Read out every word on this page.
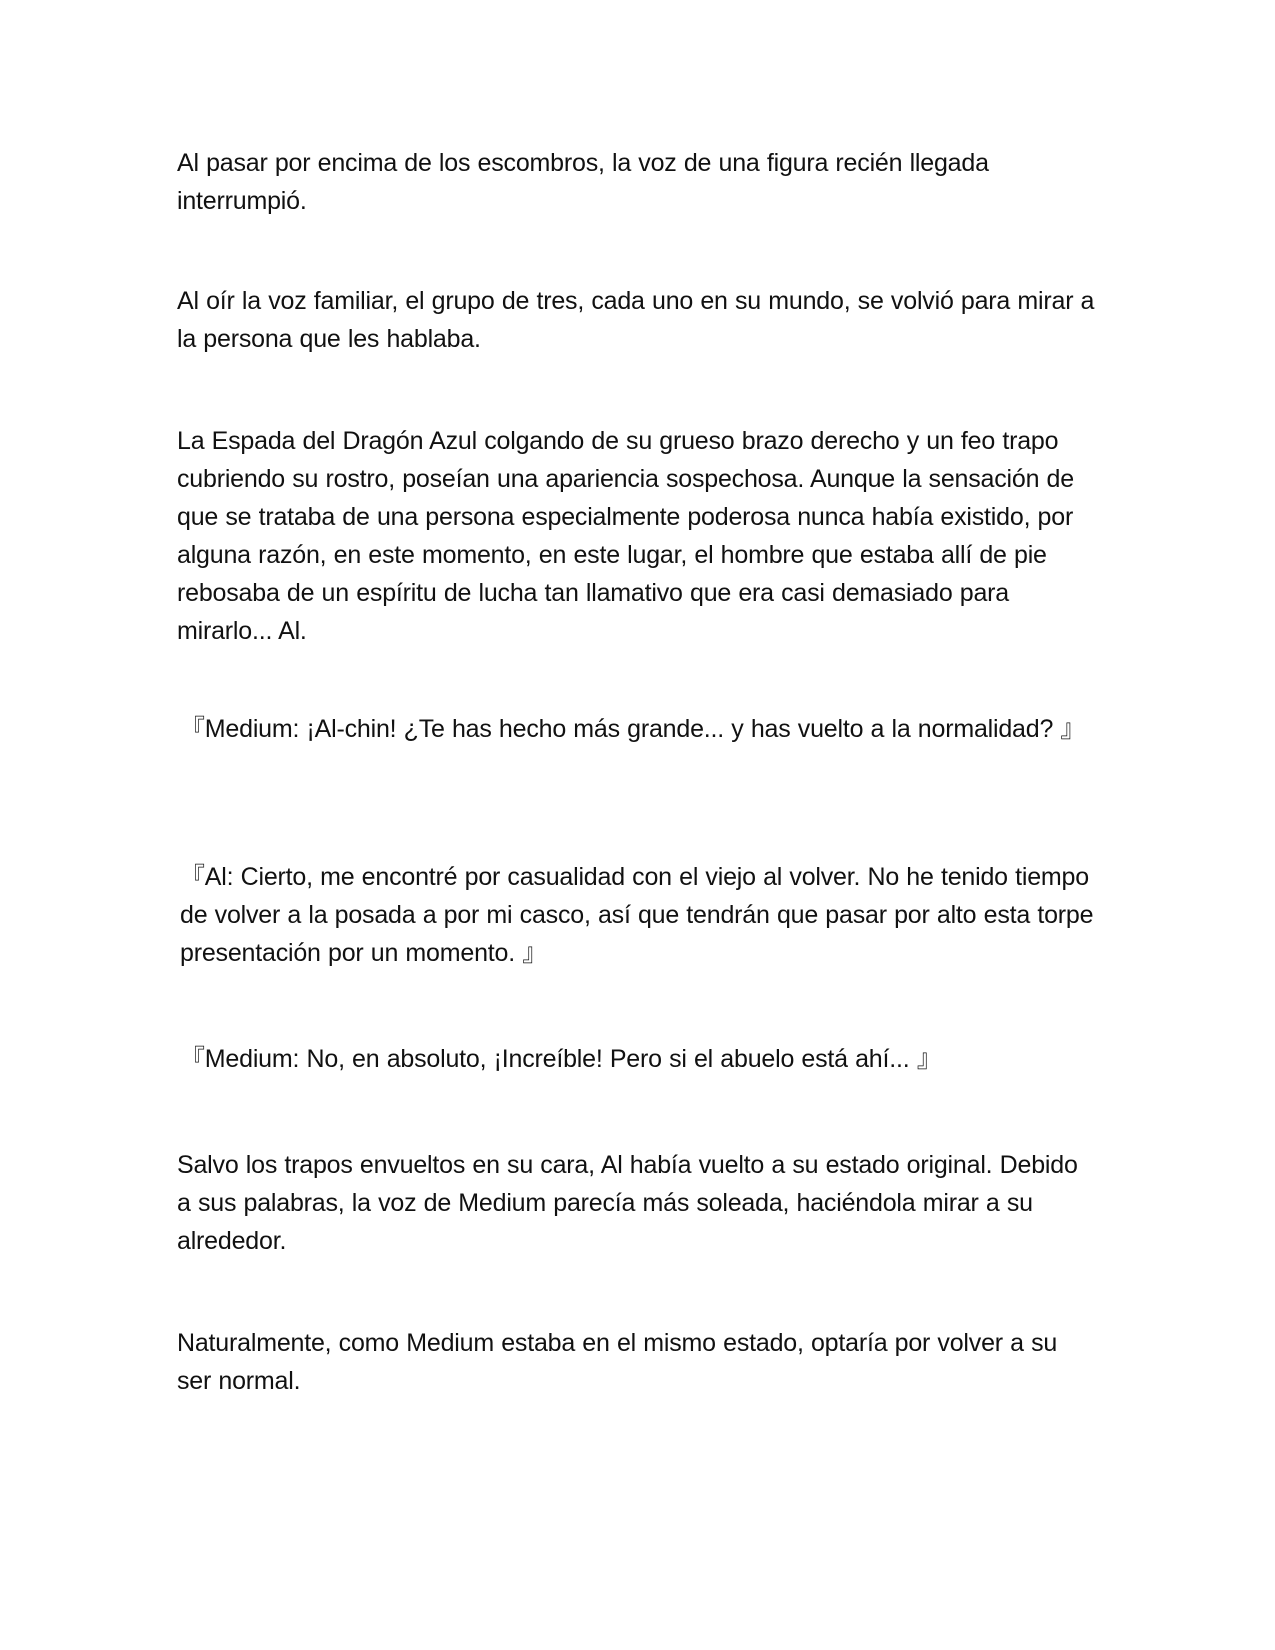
Al pasar por encima de los escombros, la voz de una figura recién llegada interrumpió.

Al oír la voz familiar, el grupo de tres, cada uno en su mundo, se volvió para mirar a la persona que les hablaba.

La Espada del Dragón Azul colgando de su grueso brazo derecho y un feo trapo cubriendo su rostro, poseían una apariencia sospechosa. Aunque la sensación de que se trataba de una persona especialmente poderosa nunca había existido, por alguna razón, en este momento, en este lugar, el hombre que estaba allí de pie rebosaba de un espíritu de lucha tan llamativo que era casi demasiado para mirarlo... Al.

『Medium: ¡Al-chin! ¿Te has hecho más grande... y has vuelto a la normalidad? 』

『Al: Cierto, me encontré por casualidad con el viejo al volver. No he tenido tiempo de volver a la posada a por mi casco, así que tendrán que pasar por alto esta torpe presentación por un momento. 』

『Medium: No, en absoluto, ¡Increíble! Pero si el abuelo está ahí... 』

Salvo los trapos envueltos en su cara, Al había vuelto a su estado original. Debido a sus palabras, la voz de Medium parecía más soleada, haciéndola mirar a su alrededor.

Naturalmente, como Medium estaba en el mismo estado, optaría por volver a su ser normal.
